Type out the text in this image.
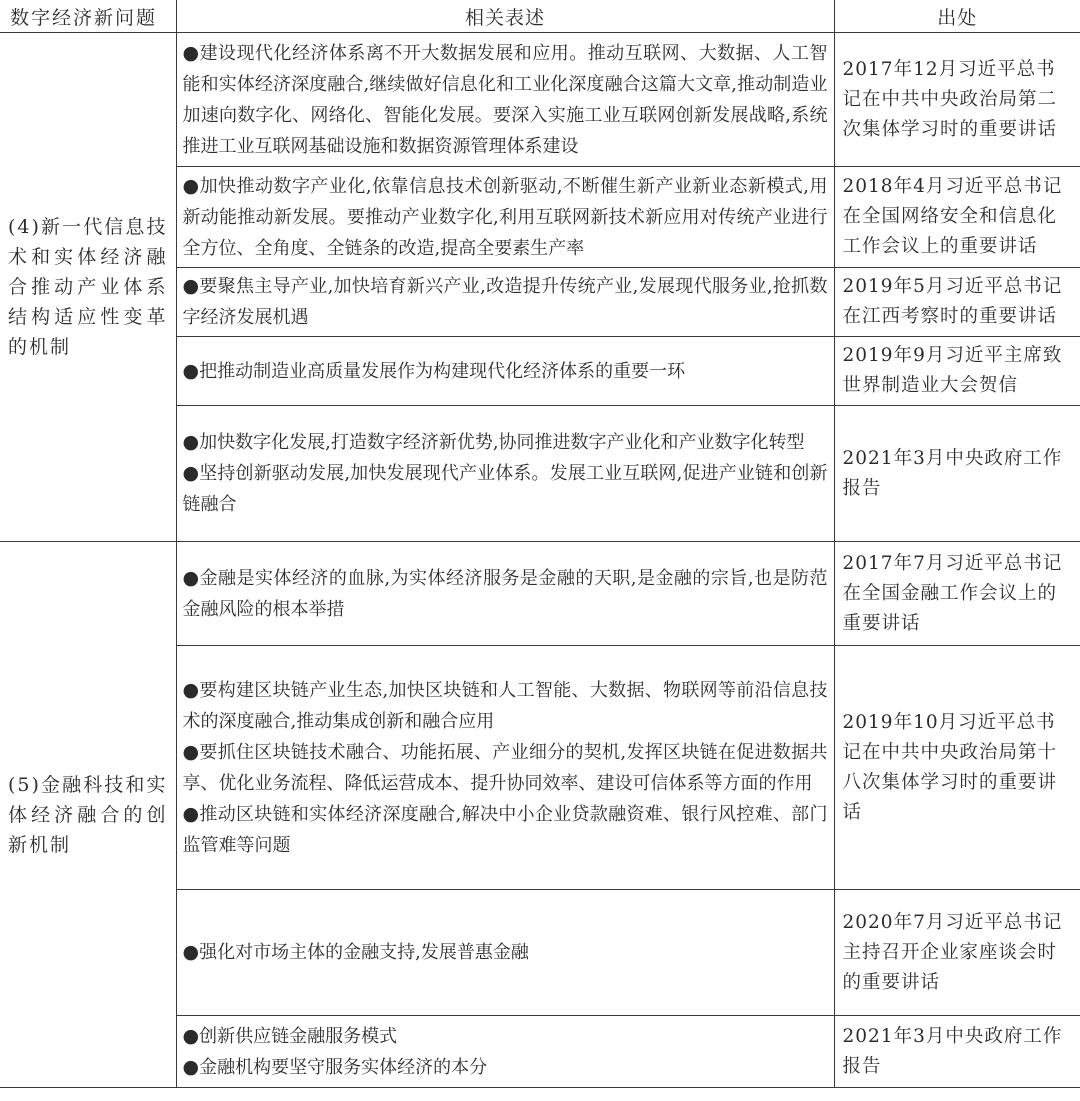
数字经济新问题	相关表述	出处
(4)新一代信息技术和实体经济融合推动产业体系结构适应性变革的机制	●建设现代化经济体系离不开大数据发展和应用。推动互联网、大数据、人工智能和实体经济深度融合,继续做好信息化和工业化深度融合这篇大文章,推动制造业加速向数字化、网络化、智能化发展。要深入实施工业互联网创新发展战略,系统推进工业互联网基础设施和数据资源管理体系建设	2017年12月习近平总书记在中共中央政治局第二次集体学习时的重要讲话

	●加快推动数字产业化,依靠信息技术创新驱动,不断催生新产业新业态新模式,用新动能推动新发展。要推动产业数字化,利用互联网新技术新应用对传统产业进行全方位、全角度、全链条的改造,提高全要素生产率	2018年4月习近平总书记在全国网络安全和信息化工作会议上的重要讲话

	●要聚焦主导产业,加快培育新兴产业,改造提升传统产业,发展现代服务业,抢抓数字经济发展机遇	2019年5月习近平总书记在江西考察时的重要讲话

	●把推动制造业高质量发展作为构建现代化经济体系的重要一环	2019年9月习近平主席致世界制造业大会贺信

	●加快数字化发展,打造数字经济新优势,协同推进数字产业化和产业数字化转型
●坚持创新驱动发展,加快发展现代产业体系。发展工业互联网,促进产业链和创新链融合	2021年3月中央政府工作报告
(5)金融科技和实体经济融合的创新机制	●金融是实体经济的血脉,为实体经济服务是金融的天职,是金融的宗旨,也是防范金融风险的根本举措	2017年7月习近平总书记在全国金融工作会议上的重要讲话

	●要构建区块链产业生态,加快区块链和人工智能、大数据、物联网等前沿信息技术的深度融合,推动集成创新和融合应用
●要抓住区块链技术融合、功能拓展、产业细分的契机,发挥区块链在促进数据共享、优化业务流程、降低运营成本、提升协同效率、建设可信体系等方面的作用
●推动区块链和实体经济深度融合,解决中小企业贷款融资难、银行风控难、部门监管难等问题	2019年10月习近平总书记在中共中央政治局第十八次集体学习时的重要讲话

	●强化对市场主体的金融支持,发展普惠金融	2020年7月习近平总书记主持召开企业家座谈会时的重要讲话

	●创新供应链金融服务模式
●金融机构要坚守服务实体经济的本分	2021年3月中央政府工作报告
